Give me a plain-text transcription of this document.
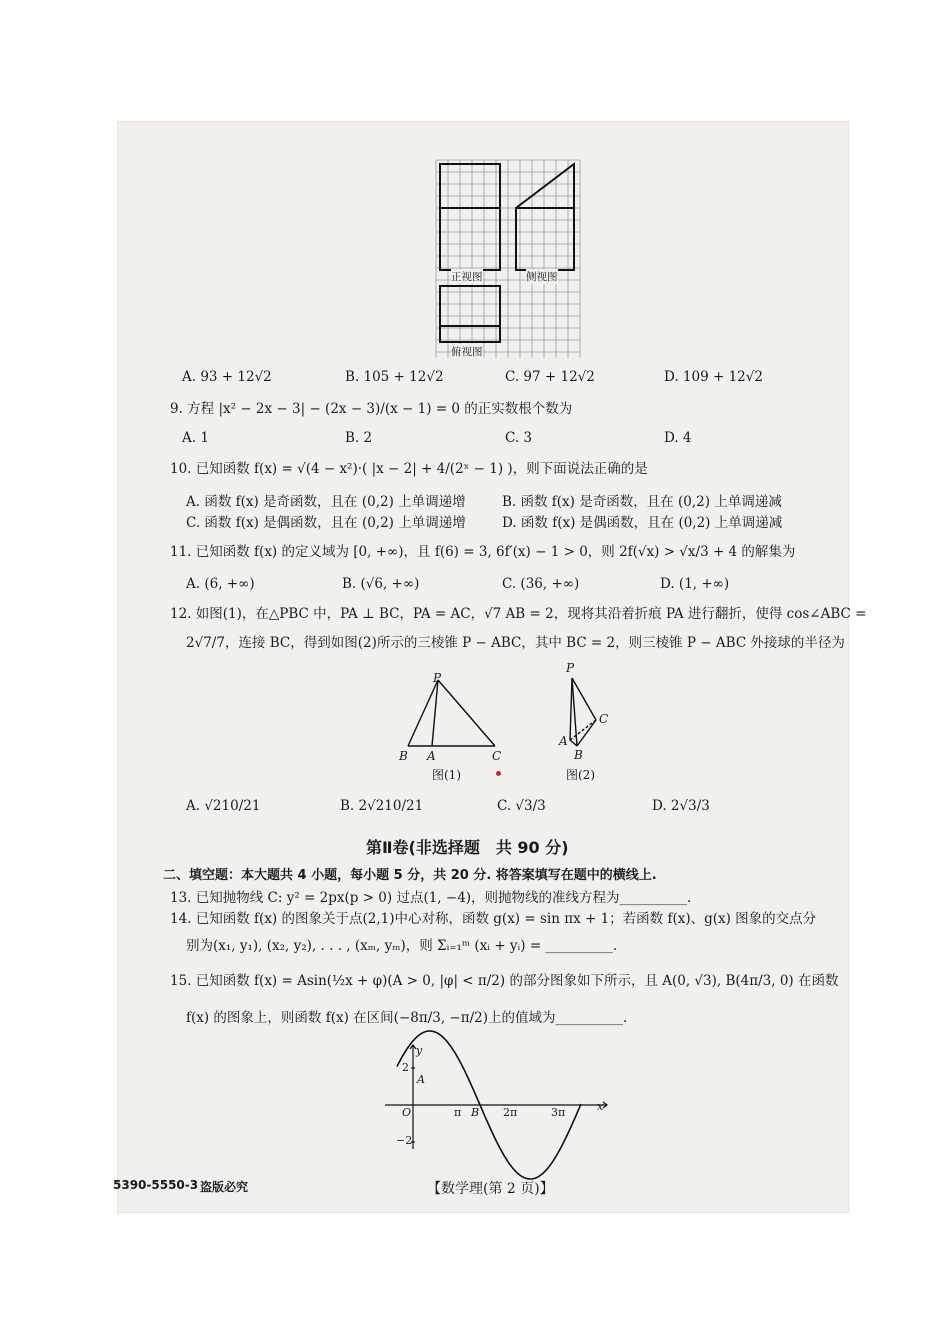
正视图	侧视图
俯视图
A. 93 + 12√2	B. 105 + 12√2	C. 97 + 12√2	D. 109 + 12√2
9. 方程 |x² − 2x − 3| − (2x − 3)/(x − 1) = 0 的正实数根个数为
A. 1	B. 2	C. 3	D. 4
10. 已知函数 f(x) = √(4 − x²)·( |x − 2| + 4/(2ˣ − 1) )，则下面说法正确的是
A. 函数 f(x) 是奇函数，且在 (0,2) 上单调递增	B. 函数 f(x) 是奇函数，且在 (0,2) 上单调递减
C. 函数 f(x) 是偶函数，且在 (0,2) 上单调递增	D. 函数 f(x) 是偶函数，且在 (0,2) 上单调递减
11. 已知函数 f(x) 的定义域为 [0, +∞)，且 f(6) = 3, 6f′(x) − 1 > 0，则 2f(√x) > √x/3 + 4 的解集为
A. (6, +∞)	B. (√6, +∞)	C. (36, +∞)	D. (1, +∞)
12. 如图(1)，在△PBC 中，PA ⊥ BC，PA = AC，√7 AB = 2，现将其沿着折痕 PA 进行翻折，使得 cos∠ABC =
2√7/7，连接 BC，得到如图(2)所示的三棱锥 P − ABC，其中 BC = 2，则三棱锥 P − ABC 外接球的半径为
P
B A	C
图(1)
P
C
A
B
图(2)
A. √210/21	B. 2√210/21	C. √3/3	D. 2√3/3
第Ⅱ卷(非选择题　共 90 分)
二、填空题：本大题共 4 小题，每小题 5 分，共 20 分. 将答案填写在题中的横线上.
13. 已知抛物线 C: y² = 2px(p > 0) 过点(1, −4)，则抛物线的准线方程为__________.
14. 已知函数 f(x) 的图象关于点(2,1)中心对称，函数 g(x) = sin πx + 1；若函数 f(x)、g(x) 图象的交点分
别为(x₁, y₁), (x₂, y₂), . . . , (xₘ, yₘ)，则 Σᵢ₌₁ᵐ (xᵢ + yᵢ) = __________.
15. 已知函数 f(x) = Asin(½x + φ)(A > 0, |φ| < π/2) 的部分图象如下所示，且 A(0, √3), B(4π/3, 0) 在函数
f(x) 的图象上，则函数 f(x) 在区间(−8π/3, −π/2)上的值域为__________.
y
x
2
−2
O
A
B
π	2π	3π
5390-5550-3 盗版必究	【数学理(第 2 页)】
